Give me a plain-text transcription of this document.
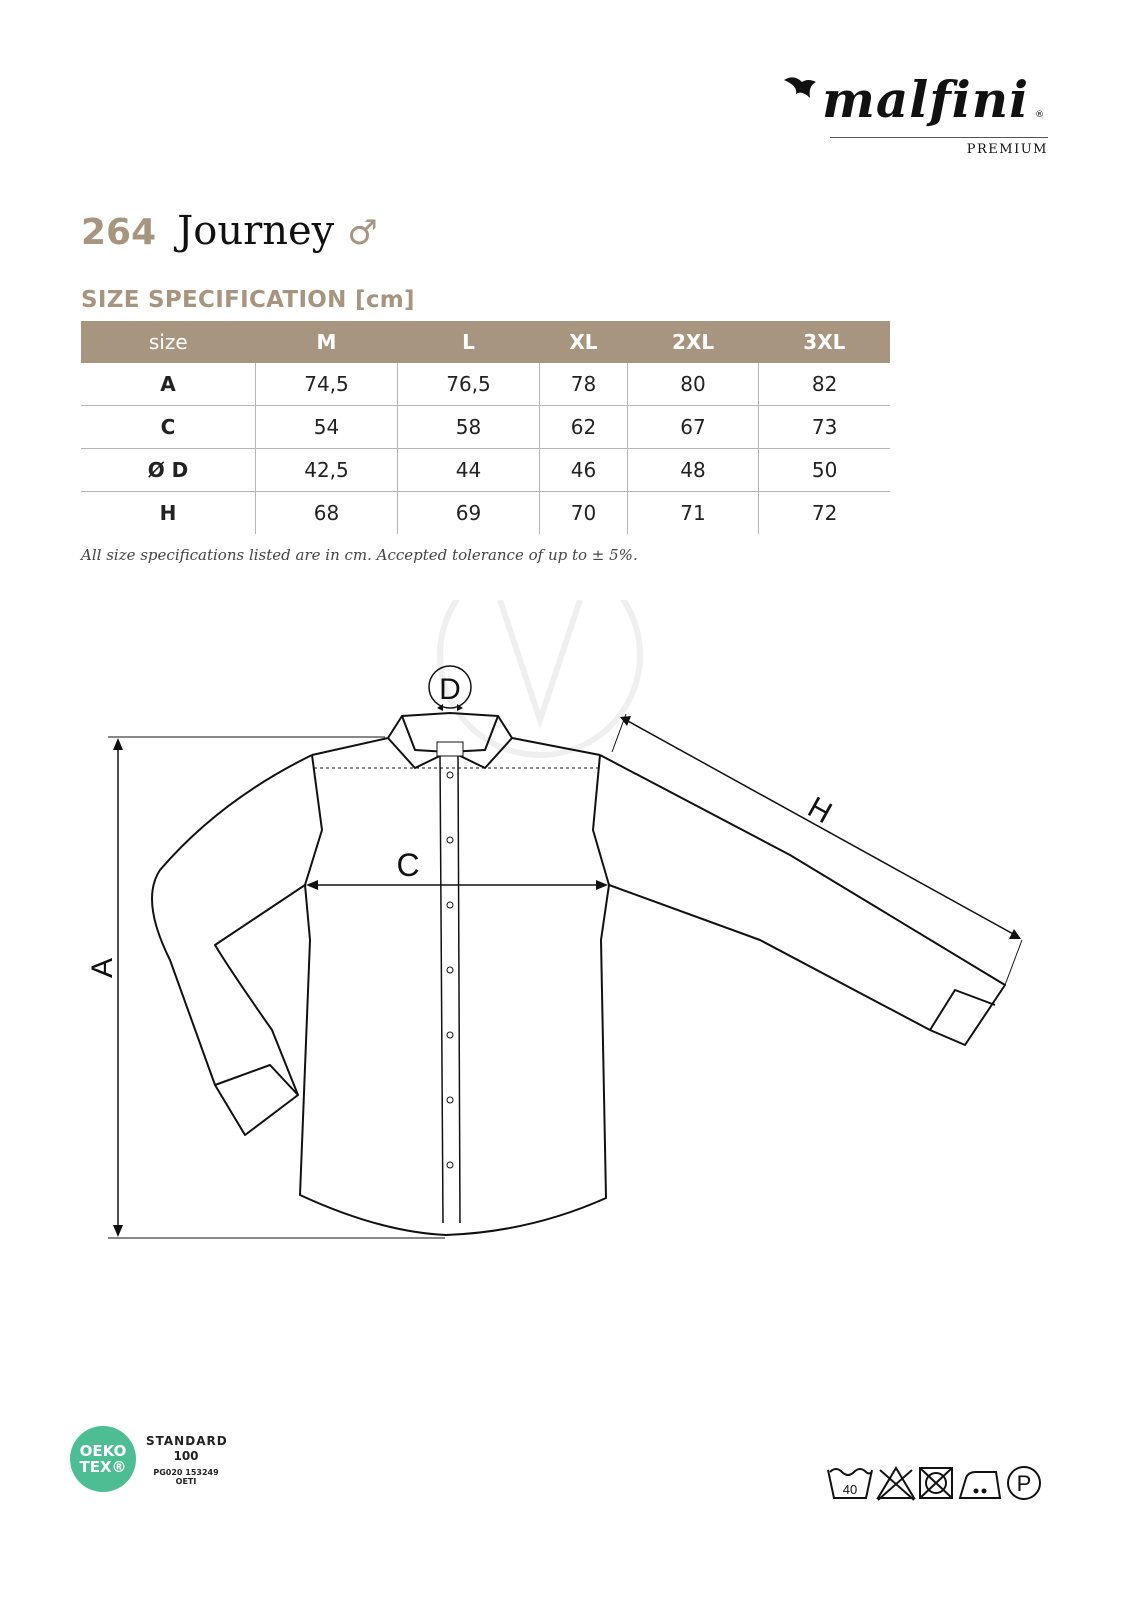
malfini ®
PREMIUM
264 Journey ♂
SIZE SPECIFICATION [cm]
size	M	L	XL	2XL	3XL
A	74,5	76,5	78	80	82
C	54	58	62	67	73
Ø D	42,5	44	46	48	50
H	68	69	70	71	72
All size specifications listed are in cm. Accepted tolerance of up to ± 5%.
A
C
D
H
OEKO
TEX®
STANDARD
100
PG020 153249
OETI
40	P
